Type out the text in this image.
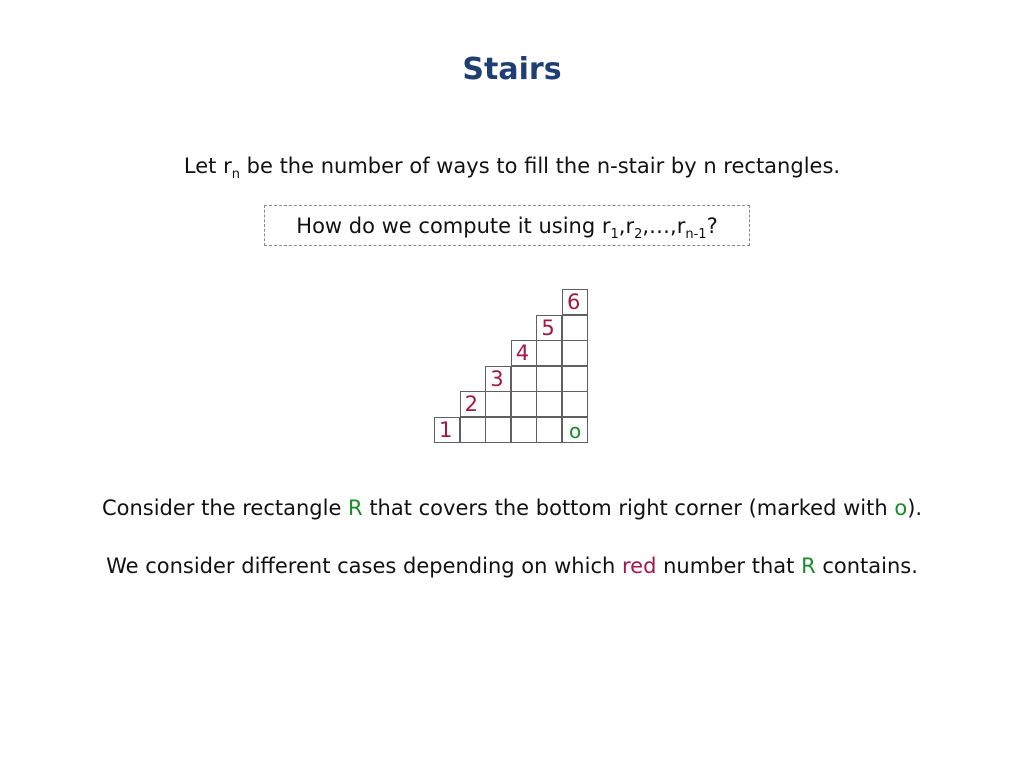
Stairs
Let $r_n$ be the number of ways to fill the n-stair by n rectangles.
How do we compute it using $r_1,r_2,\dots,r_{n-1}$?
6
5
4
3
2
1	o
Consider the rectangle R that covers the bottom right corner (marked with o).
We consider different cases depending on which red number that R contains.
